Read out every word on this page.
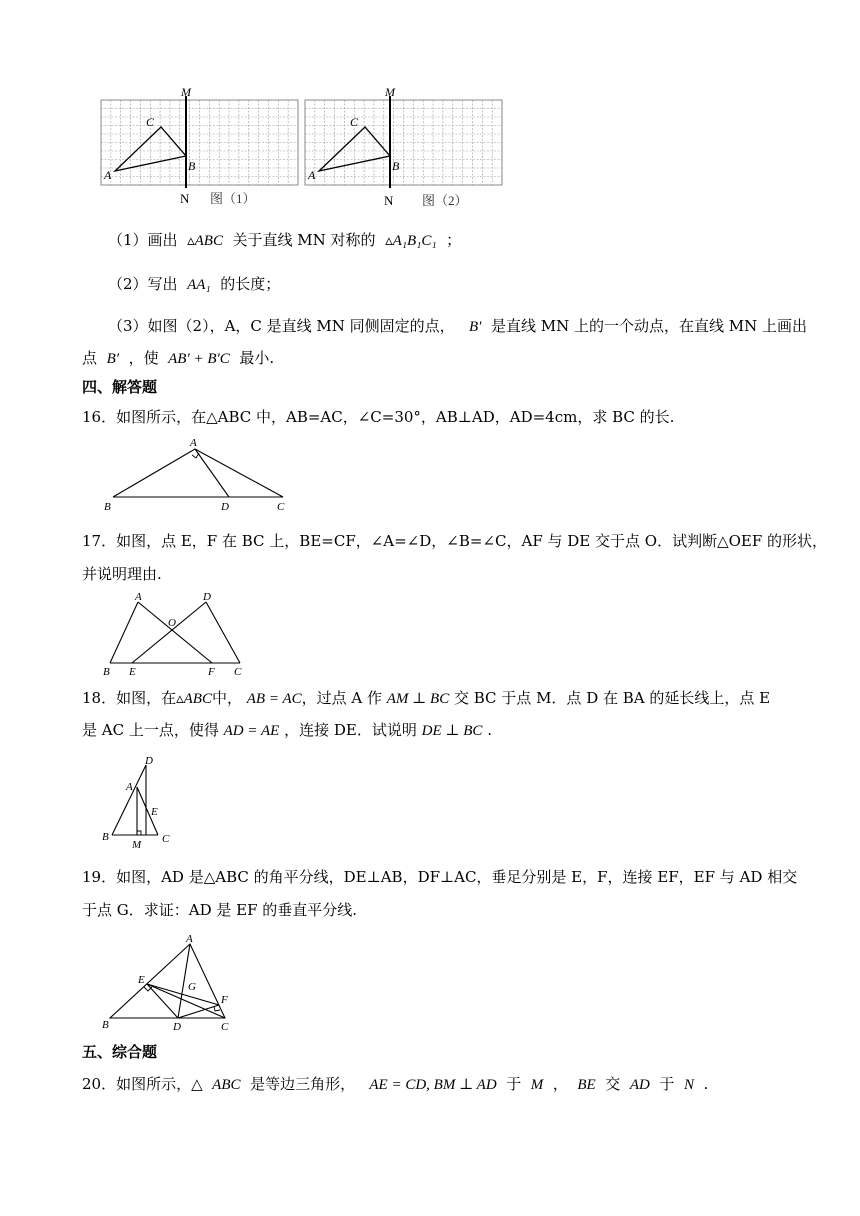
M
C
A
B
N 图（1）
M
C
A
B
N 图（2）
（1）画出 ▵ABC 关于直线 MN 对称的 ▵A₁B₁C₁ ；
（2）写出 AA₁ 的长度；
（3）如图（2），A，C 是直线 MN 同侧固定的点， B′ 是直线 MN 上的一个动点，在直线 MN 上画出
点 B′ ，使 AB′ + B′C 最小.
四、解答题
16．如图所示，在△ABC 中，AB=AC，∠C=30°，AB⊥AD，AD=4cm，求 BC 的长.
A
B	D	C
17．如图，点 E，F 在 BC 上，BE=CF，∠A=∠D，∠B=∠C，AF 与 DE 交于点 O．试判断△OEF 的形状，
并说明理由.
A	D
O
B E	F C
18．如图，在▵ABC中， AB = AC，过点 A 作 AM ⊥ BC 交 BC 于点 M．点 D 在 BA 的延长线上，点 E
是 AC 上一点，使得 AD = AE ，连接 DE．试说明 DE ⊥ BC .
D
A
E
B
M C
19．如图，AD 是△ABC 的角平分线，DE⊥AB，DF⊥AC，垂足分别是 E，F，连接 EF，EF 与 AD 相交
于点 G．求证：AD 是 EF 的垂直平分线.
A
E
G
F
B	D	C
五、综合题
20．如图所示，△ ABC 是等边三角形， AE = CD, BM ⊥ AD 于 M ， BE 交 AD 于 N .
